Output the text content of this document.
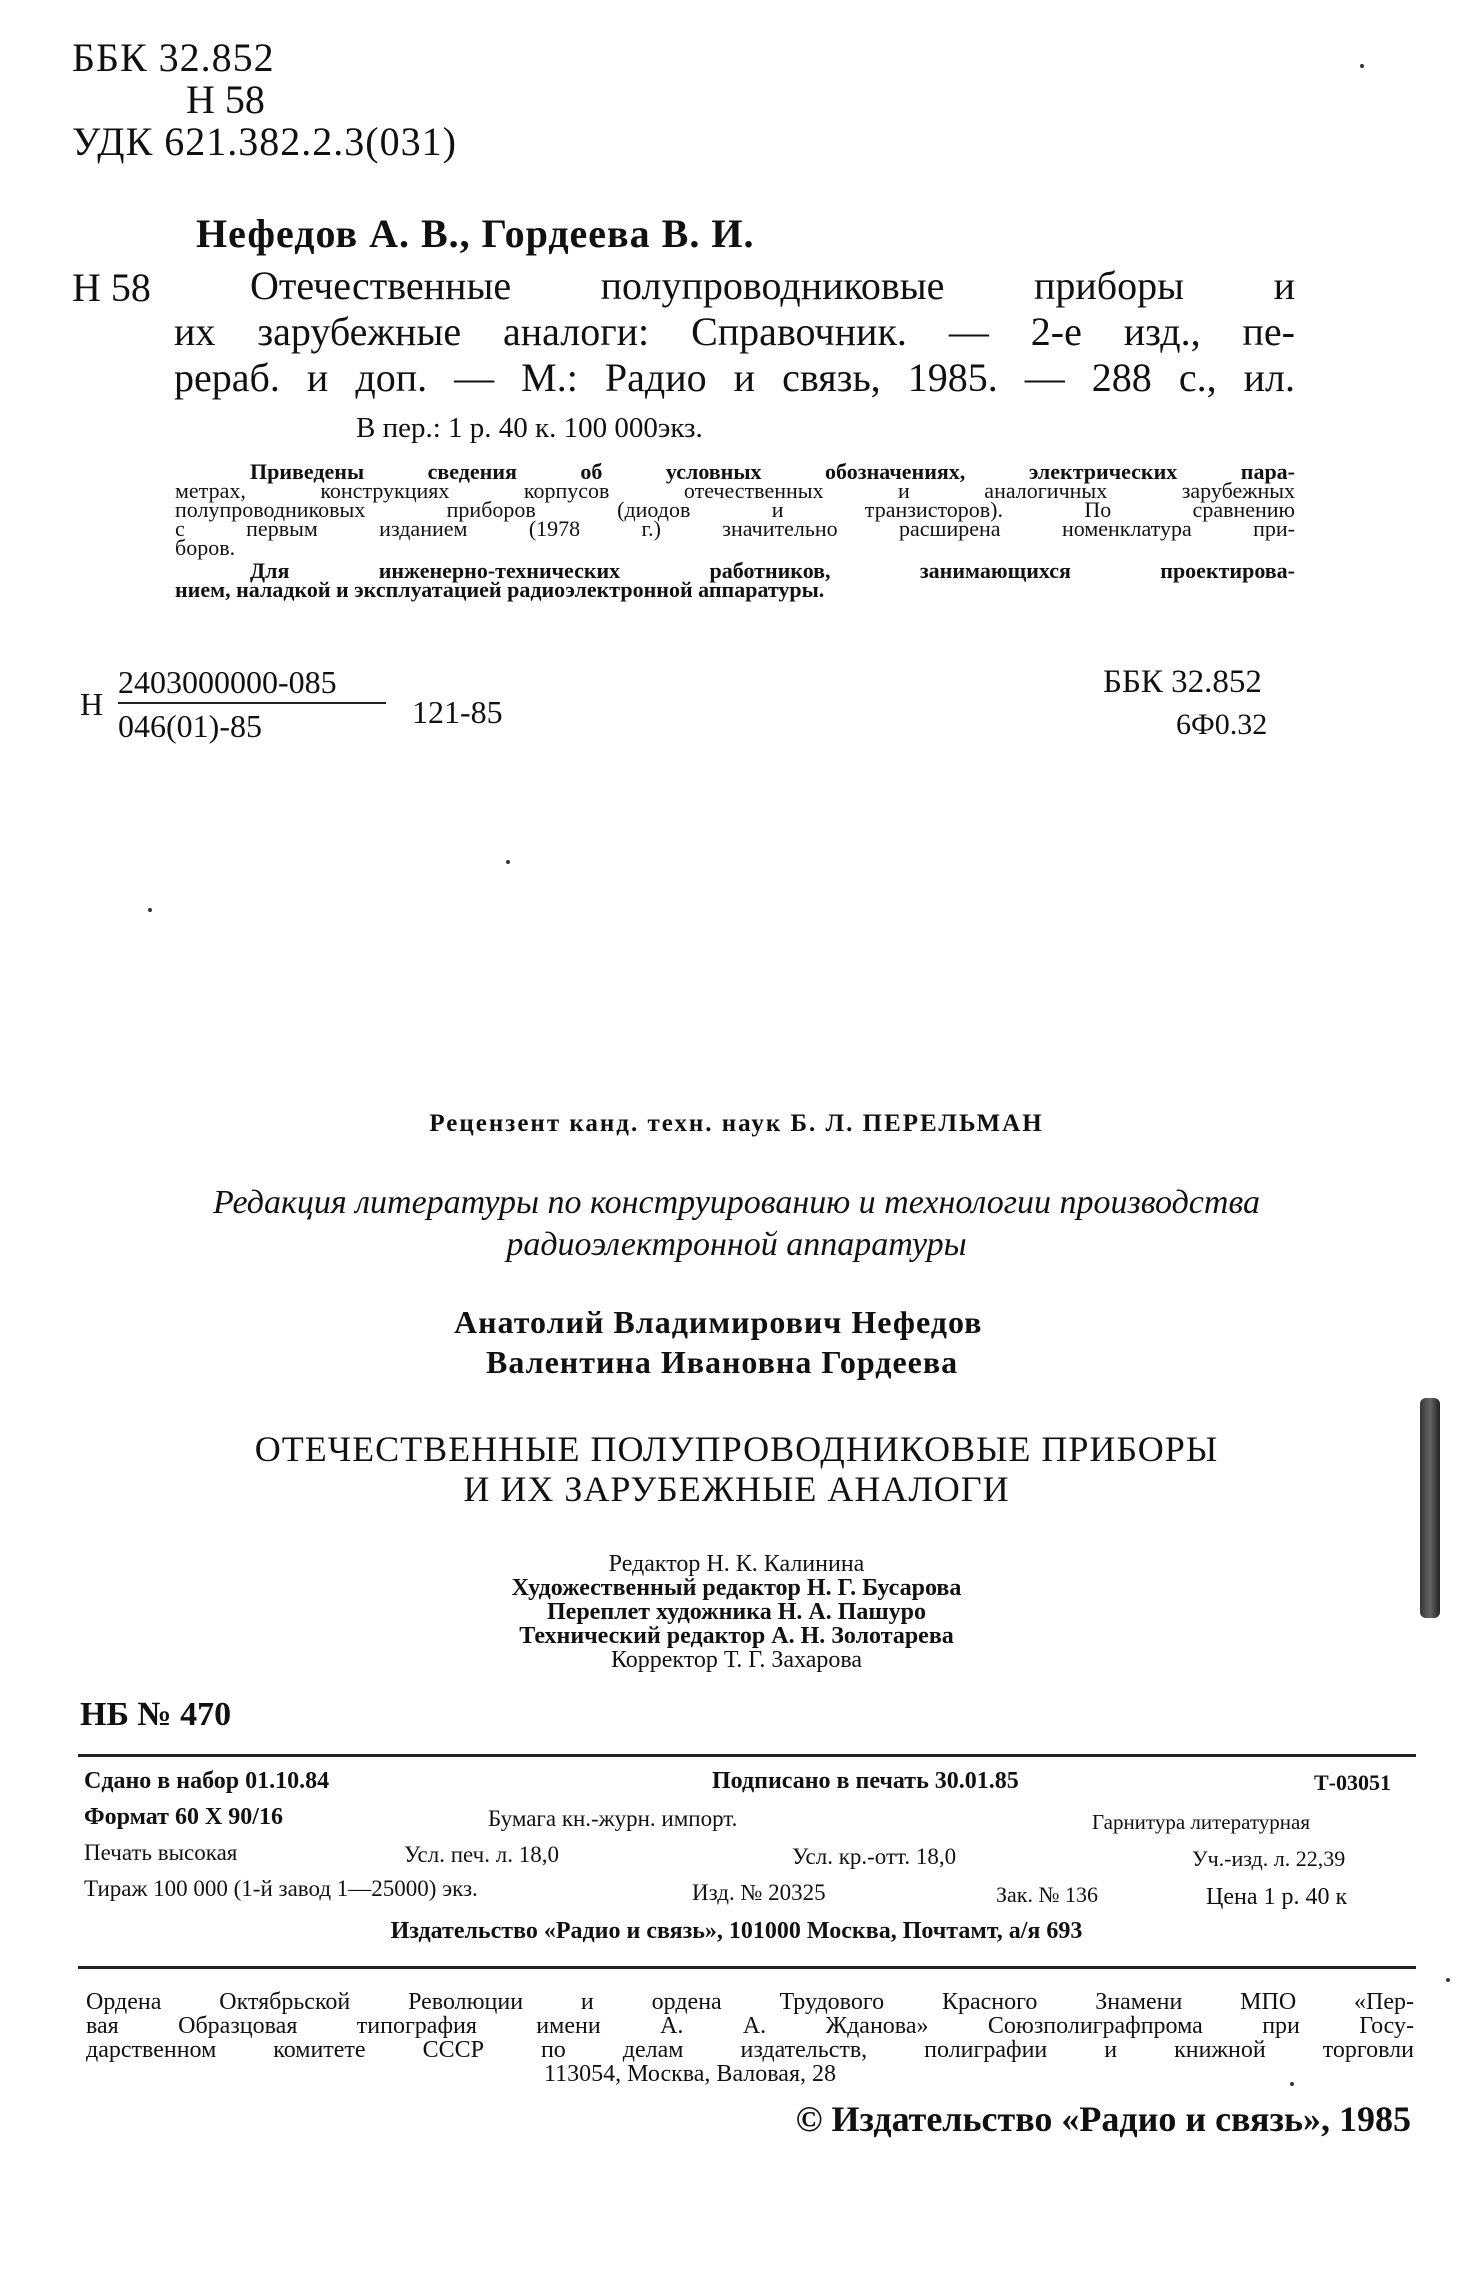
ББК 32.852
Н 58
УДК 621.382.2.3(031)
Нефедов А. В., Гордеева В. И.
Н 58 Отечественные полупроводниковые приборы и
их зарубежные аналоги: Справочник. — 2-е изд., пе-
рераб. и доп. — М.: Радио и связь, 1985. — 288 с., ил.
В пер.: 1 р. 40 к. 100 000экз.
Приведены сведения об условных обозначениях, электрических пара-
метрах, конструкциях корпусов отечественных и аналогичных зарубежных
полупроводниковых приборов (диодов и транзисторов). По сравнению
с первым изданием (1978 г.) значительно расширена номенклатура при-
боров.
Для инженерно-технических работников, занимающихся проектирова-
нием, наладкой и эксплуатацией радиоэлектронной аппаратуры.
Н
2403000000-085
046(01)-85	121-85
ББК 32.852
6Ф0.32
Рецензент канд. техн. наук Б. Л. ПЕРЕЛЬМАН
Редакция литературы по конструированию и технологии производства
радиоэлектронной аппаратуры
Анатолий Владимирович Нефедов
Валентина Ивановна Гордеева
ОТЕЧЕСТВЕННЫЕ ПОЛУПРОВОДНИКОВЫЕ ПРИБОРЫ
И ИХ ЗАРУБЕЖНЫЕ АНАЛОГИ
Редактор Н. К. Калинина
Художественный редактор Н. Г. Бусарова
Переплет художника Н. А. Пашуро
Технический редактор А. Н. Золотарева
Корректор Т. Г. Захарова
НБ № 470
Сдано в набор 01.10.84	Подписано в печать 30.01.85	Т-03051
Формат 60 Х 90/16	Бумага кн.-журн. импорт.	Гарнитура литературная
Печать высокая	Усл. печ. л. 18,0	Усл. кр.-отт. 18,0	Уч.-изд. л. 22,39
Тираж 100 000 (1-й завод 1—25000) экз.	Изд. № 20325	Зак. № 136	Цена 1 р. 40 к
Издательство «Радио и связь», 101000 Москва, Почтамт, а/я 693
Ордена Октябрьской Революции и ордена Трудового Красного Знамени МПО «Пер-
вая Образцовая типография имени А. А. Жданова» Союзполиграфпрома при Госу-
дарственном комитете СССР по делам издательств, полиграфии и книжной торговли
113054, Москва, Валовая, 28
© Издательство «Радио и связь», 1985
